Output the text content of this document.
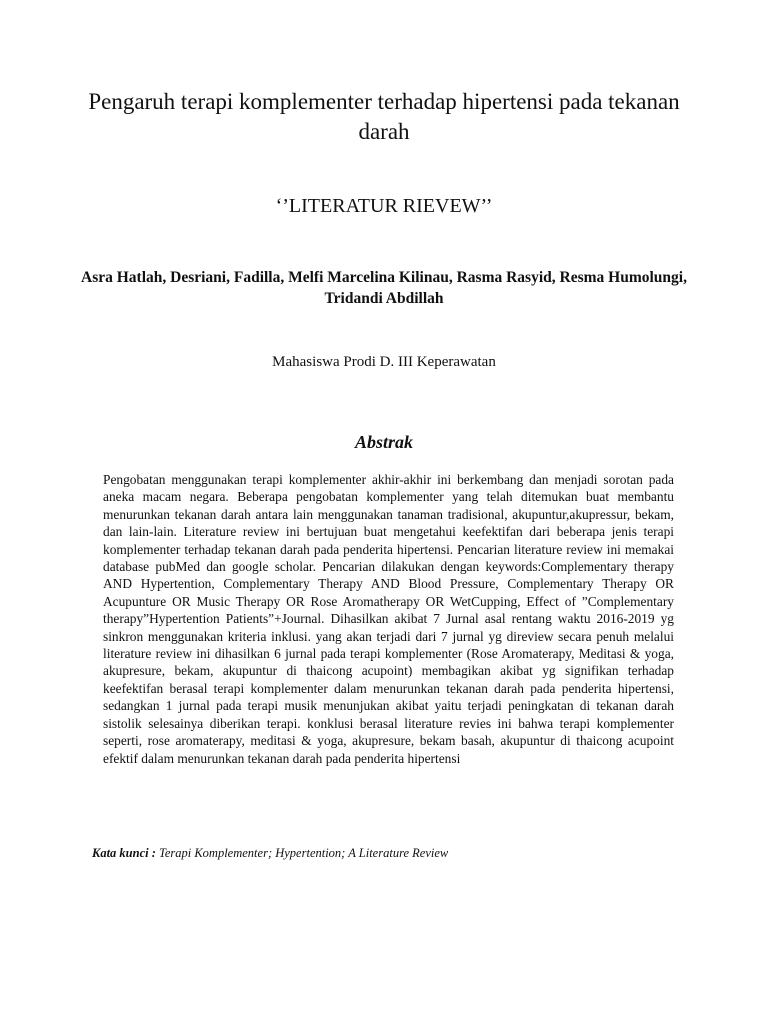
Pengaruh terapi komplementer terhadap hipertensi pada tekanan darah

‘’LITERATUR RIEVEW’’

Asra Hatlah, Desriani, Fadilla, Melfi Marcelina Kilinau, Rasma Rasyid, Resma Humolungi, Tridandi Abdillah

Mahasiswa Prodi D. III Keperawatan

Abstrak

Pengobatan menggunakan terapi komplementer akhir-akhir ini berkembang dan menjadi sorotan pada aneka macam negara. Beberapa pengobatan komplementer yang telah ditemukan buat membantu menurunkan tekanan darah antara lain menggunakan tanaman tradisional, akupuntur,akupressur, bekam, dan lain-lain. Literature review ini bertujuan buat mengetahui keefektifan dari beberapa jenis terapi komplementer terhadap tekanan darah pada penderita hipertensi. Pencarian literature review ini memakai database pubMed dan google scholar. Pencarian dilakukan dengan keywords:Complementary therapy AND Hypertention, Complementary Therapy AND Blood Pressure, Complementary Therapy OR Acupunture OR Music Therapy OR Rose Aromatherapy OR WetCupping, Effect of ”Complementary therapy”Hypertention Patients”+Journal. Dihasilkan akibat 7 Jurnal asal rentang waktu 2016-2019 yg sinkron menggunakan kriteria inklusi. yang akan terjadi dari 7 jurnal yg direview secara penuh melalui literature review ini dihasilkan 6 jurnal pada terapi komplementer (Rose Aromaterapy, Meditasi & yoga, akupresure, bekam, akupuntur di thaicong acupoint) membagikan akibat yg signifikan terhadap keefektifan berasal terapi komplementer dalam menurunkan tekanan darah pada penderita hipertensi, sedangkan 1 jurnal pada terapi musik menunjukan akibat yaitu terjadi peningkatan di tekanan darah sistolik selesainya diberikan terapi. konklusi berasal literature revies ini bahwa terapi komplementer seperti, rose aromaterapy, meditasi & yoga, akupresure, bekam basah, akupuntur di thaicong acupoint efektif dalam menurunkan tekanan darah pada penderita hipertensi

Kata kunci : Terapi Komplementer; Hypertention; A Literature Review
